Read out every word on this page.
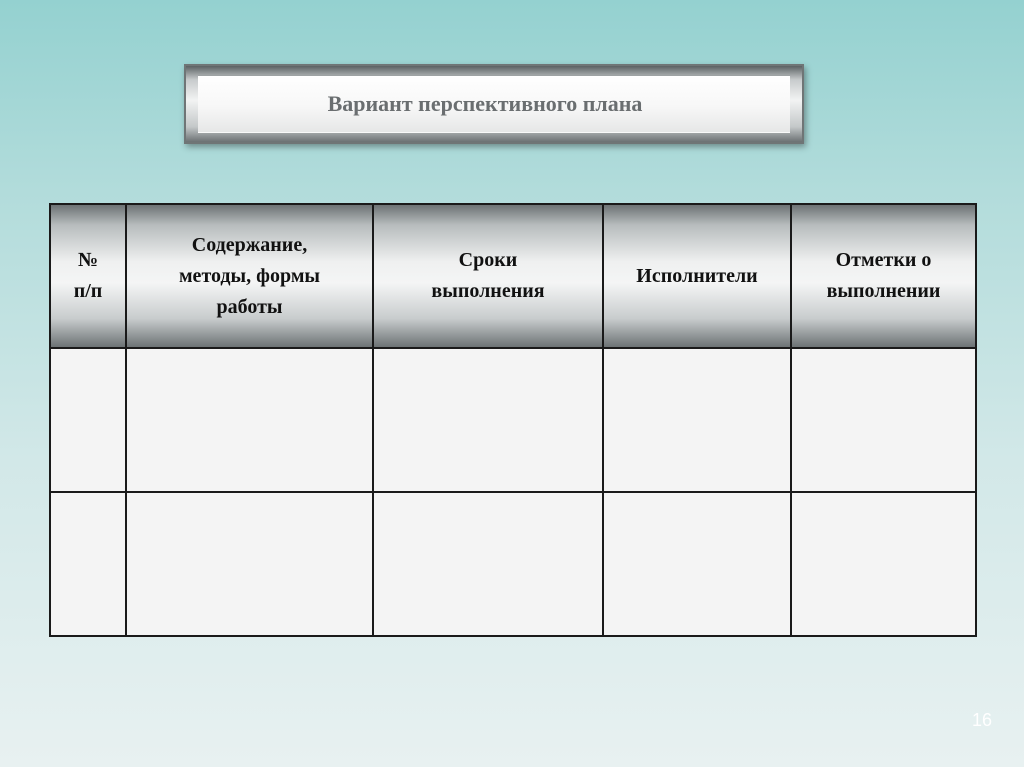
Вариант перспективного плана
№
п/п	Содержание,
методы, формы
работы	Сроки
выполнения	Исполнители	Отметки о
выполнении

16
